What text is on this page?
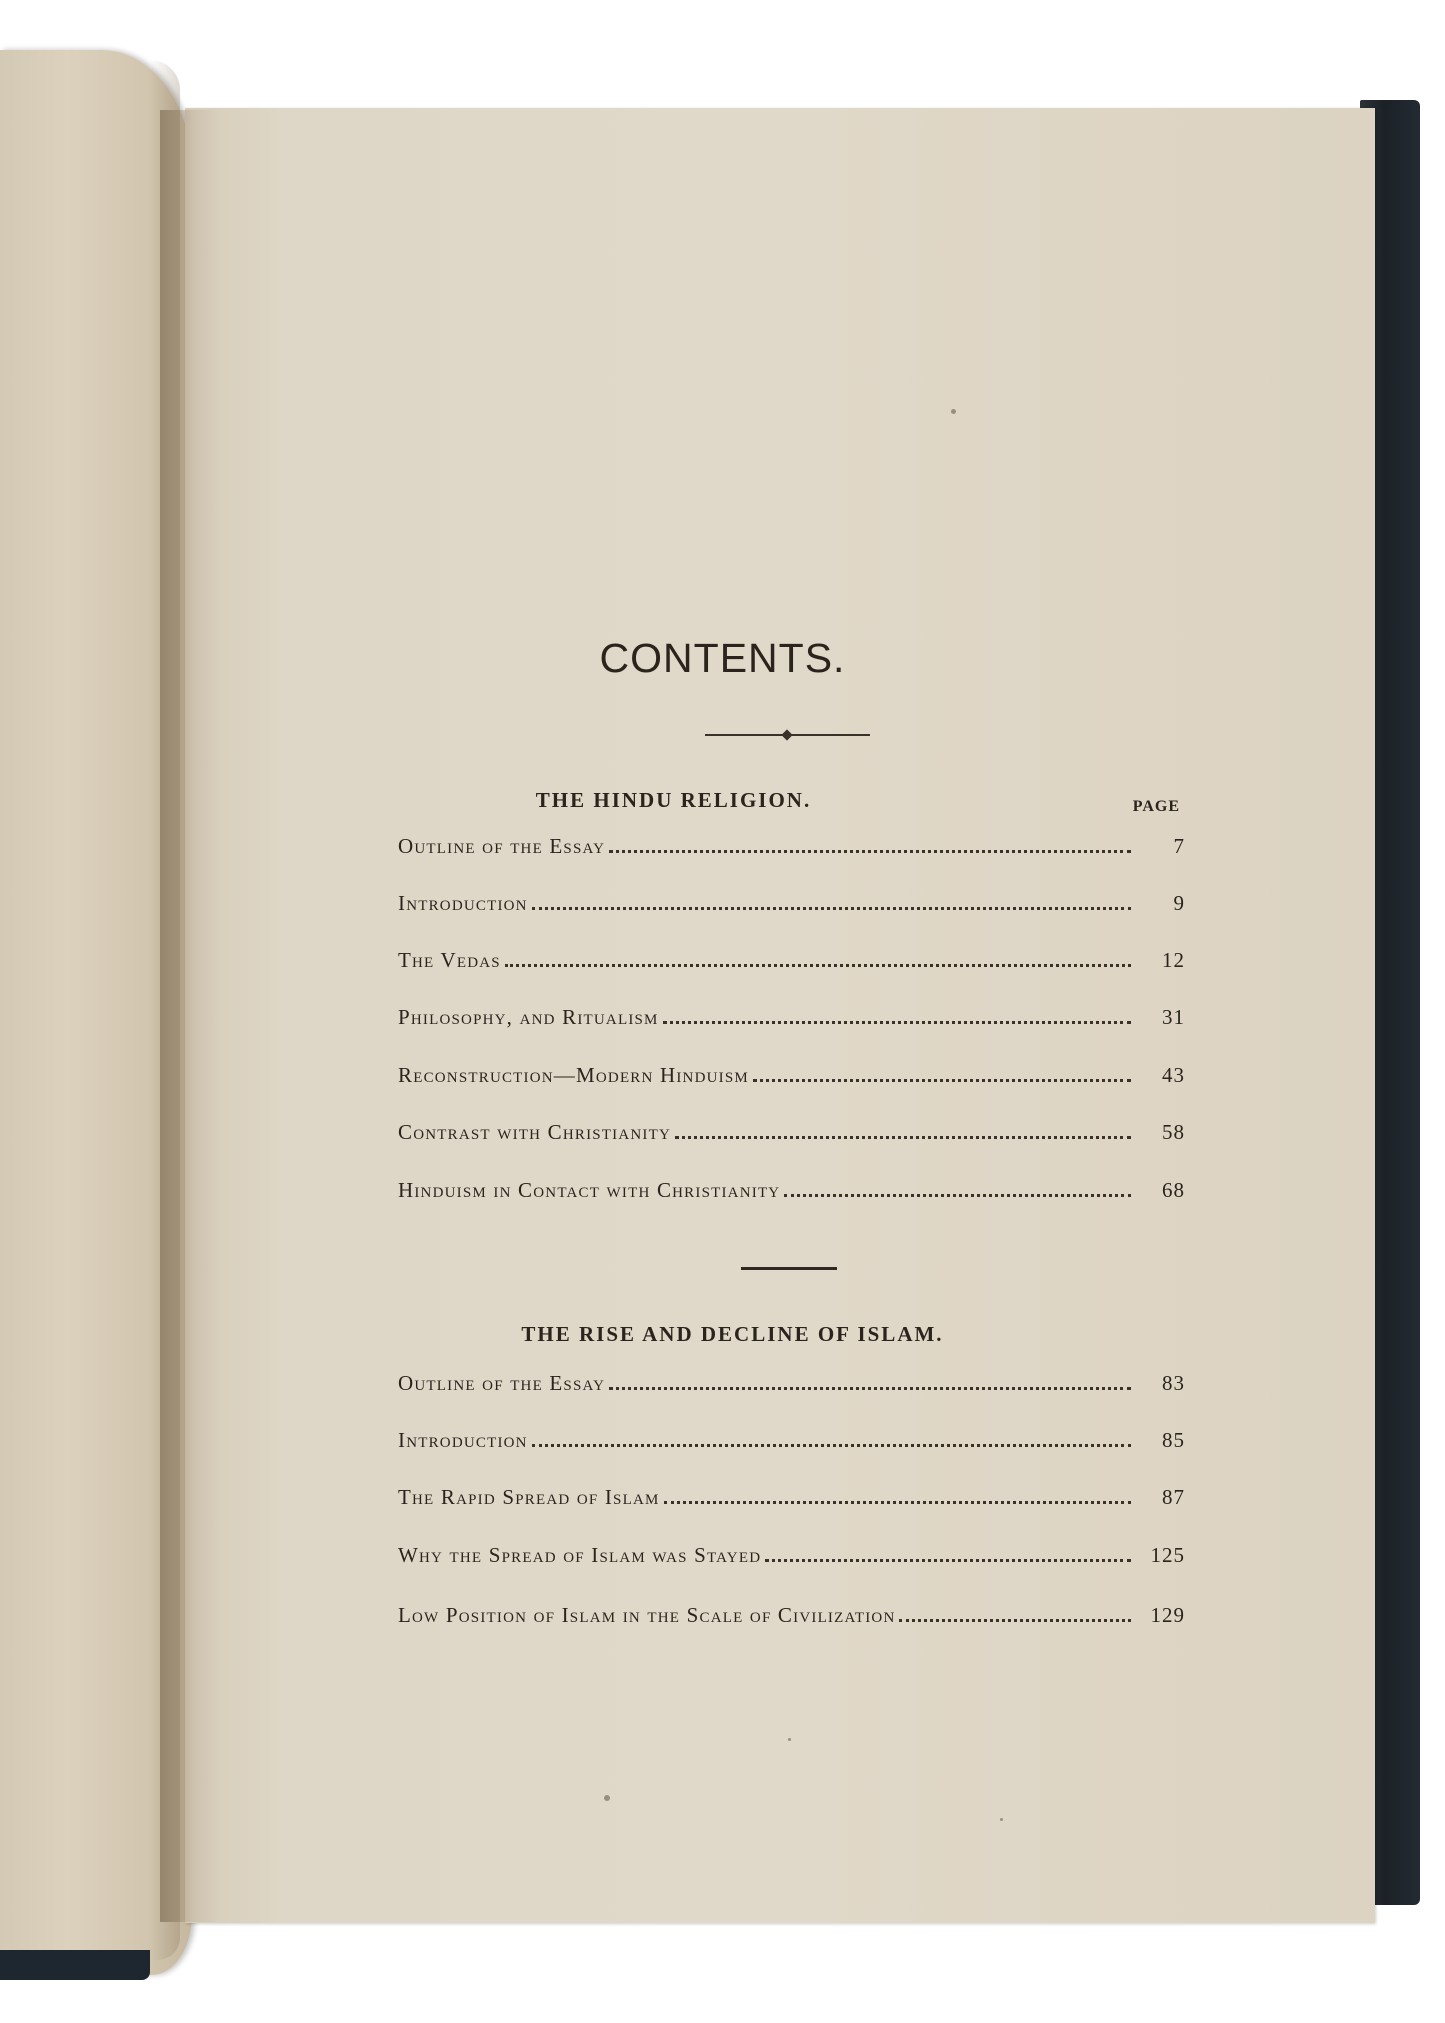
CONTENTS.
THE HINDU RELIGION.	PAGE
Outline of the Essay	7
Introduction	9
The Vedas	12
Philosophy, and Ritualism	31
Reconstruction—Modern Hinduism	43
Contrast with Christianity	58
Hinduism in Contact with Christianity	68
THE RISE AND DECLINE OF ISLAM.
Outline of the Essay	83
Introduction	85
The Rapid Spread of Islam	87
Why the Spread of Islam was Stayed	125
Low Position of Islam in the Scale of Civilization	129
